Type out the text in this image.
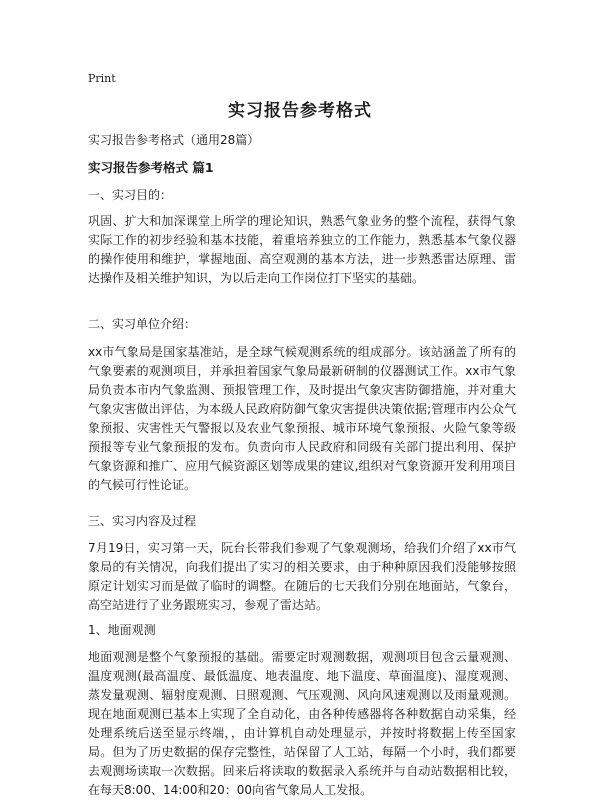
Print
实习报告参考格式

实习报告参考格式（通用28篇）

实习报告参考格式 篇1

一、实习目的：

巩固、扩大和加深课堂上所学的理论知识，熟悉气象业务的整个流程，获得气象实际工作的初步经验和基本技能，着重培养独立的工作能力，熟悉基本气象仪器的操作使用和维护，掌握地面、高空观测的基本方法，进一步熟悉雷达原理、雷达操作及相关维护知识，为以后走向工作岗位打下坚实的基础。

二、实习单位介绍：

xx市气象局是国家基准站，是全球气候观测系统的组成部分。该站涵盖了所有的气象要素的观测项目，并承担着国家气象局最新研制的仪器测试工作。xx市气象局负责本市内气象监测、预报管理工作，及时提出气象灾害防御措施，并对重大气象灾害做出评估，为本级人民政府防御气象灾害提供决策依据;管理市内公众气象预报、灾害性天气警报以及农业气象预报、城市环境气象预报、火险气象等级预报等专业气象预报的发布。负责向市人民政府和同级有关部门提出利用、保护气象资源和推广、应用气候资源区划等成果的建议,组织对气象资源开发利用项目的气候可行性论证。

三、实习内容及过程

7月19日，实习第一天，阮台长带我们参观了气象观测场，给我们介绍了xx市气象局的有关情况，向我们提出了实习的相关要求，由于种种原因我们没能够按照原定计划实习而是做了临时的调整。在随后的七天我们分别在地面站，气象台，高空站进行了业务跟班实习，参观了雷达站。

1、地面观测

地面观测是整个气象预报的基础。需要定时观测数据，观测项目包含云量观测、温度观测(最高温度、最低温度、地表温度、地下温度、草面温度)、湿度观测、蒸发量观测、辐射度观测、日照观测、气压观测、风向风速观测以及雨量观测。现在地面观测已基本上实现了全自动化，由各种传感器将各种数据自动采集，经处理系统后送至显示终端，，由计算机自动处理显示，并按时将数据上传至国家局。但为了历史数据的保存完整性，站保留了人工站，每隔一个小时，我们都要去观测场读取一次数据。回来后将读取的数据录入系统并与自动站数据相比较，在每天8:00、14:00和20：00向省气象局人工发报。
